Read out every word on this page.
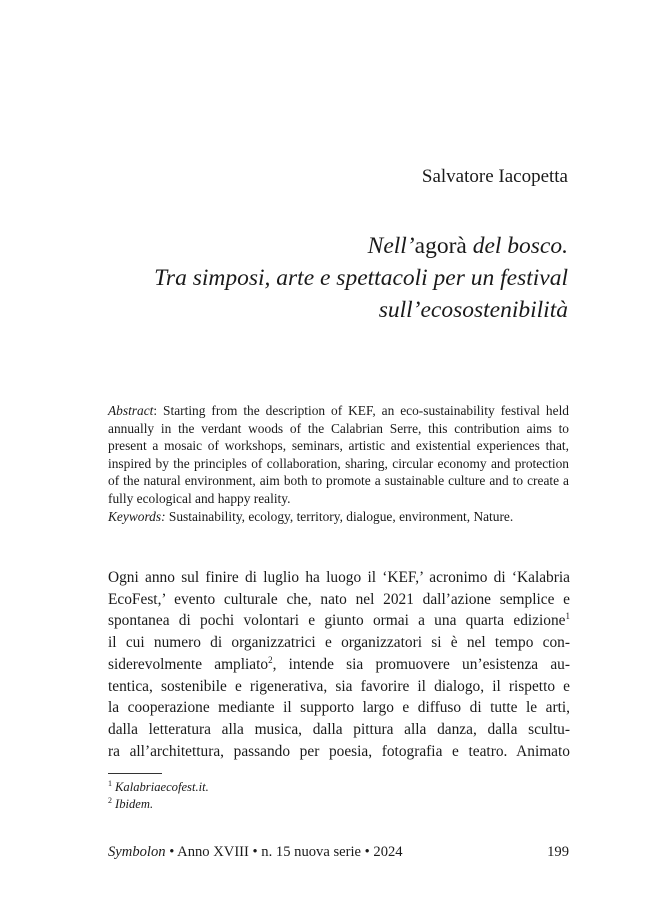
Salvatore Iacopetta
Nell’agorà del bosco.
Tra simposi, arte e spettacoli per un festival
sull’ecosostenibilità

Abstract: Starting from the description of KEF, an eco-sustainability festival held annually in the verdant woods of the Calabrian Serre, this contribution aims to present a mosaic of workshops, seminars, artistic and existential experiences that, inspired by the principles of collaboration, sharing, circular economy and protection of the natural environment, aim both to promote a sustainable culture and to create a fully ecological and happy reality.

Keywords: Sustainability, ecology, territory, dialogue, environment, Nature.

Ogni anno sul finire di luglio ha luogo il ‘KEF,’ acronimo di ‘Kalabria
EcoFest,’ evento culturale che, nato nel 2021 dall’azione semplice e
spontanea di pochi volontari e giunto ormai a una quarta edizione$^1$
il cui numero di organizzatrici e organizzatori si è nel tempo con-
siderevolmente ampliato$^2$, intende sia promuovere un’esistenza au-
tentica, sostenibile e rigenerativa, sia favorire il dialogo, il rispetto e
la cooperazione mediante il supporto largo e diffuso di tutte le arti,
dalla letteratura alla musica, dalla pittura alla danza, dalla scultu-
ra all’architettura, passando per poesia, fotografia e teatro. Animato
$^1$ Kalabriaecofest.it.
$^2$ Ibidem.
Symbolon • Anno XVIII • n. 15 nuova serie • 2024	199
